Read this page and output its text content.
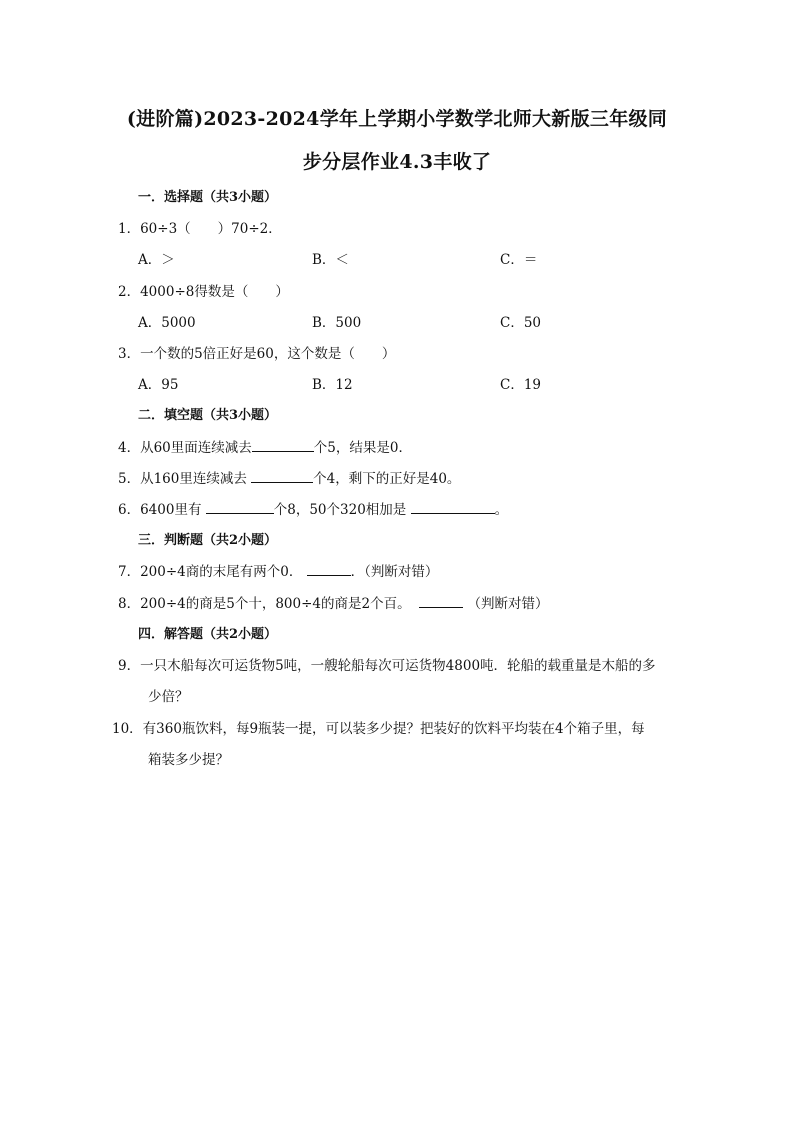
(进阶篇)2023-2024学年上学期小学数学北师大新版三年级同
步分层作业4.3丰收了
一．选择题（共3小题）
1．60÷3（　　）70÷2．
A．＞	B．＜	C．＝
2．4000÷8得数是（　　）
A．5000	B．500	C．50
3．一个数的5倍正好是60，这个数是（　　）
A．95	B．12	C．19
二．填空题（共3小题）
4．从60里面连续减去	个5，结果是0．
5．从160里连续减去	个4，剩下的正好是40。
6．6400里有	个8，50个320相加是	。
三．判断题（共2小题）
7．200÷4商的末尾有两个0．	．（判断对错）
8．200÷4的商是5个十，800÷4的商是2个百。	（判断对错）
四．解答题（共2小题）
9．一只木船每次可运货物5吨，一艘轮船每次可运货物4800吨．轮船的载重量是木船的多
少倍？
10．有360瓶饮料，每9瓶装一提，可以装多少提？把装好的饮料平均装在4个箱子里，每
箱装多少提？
